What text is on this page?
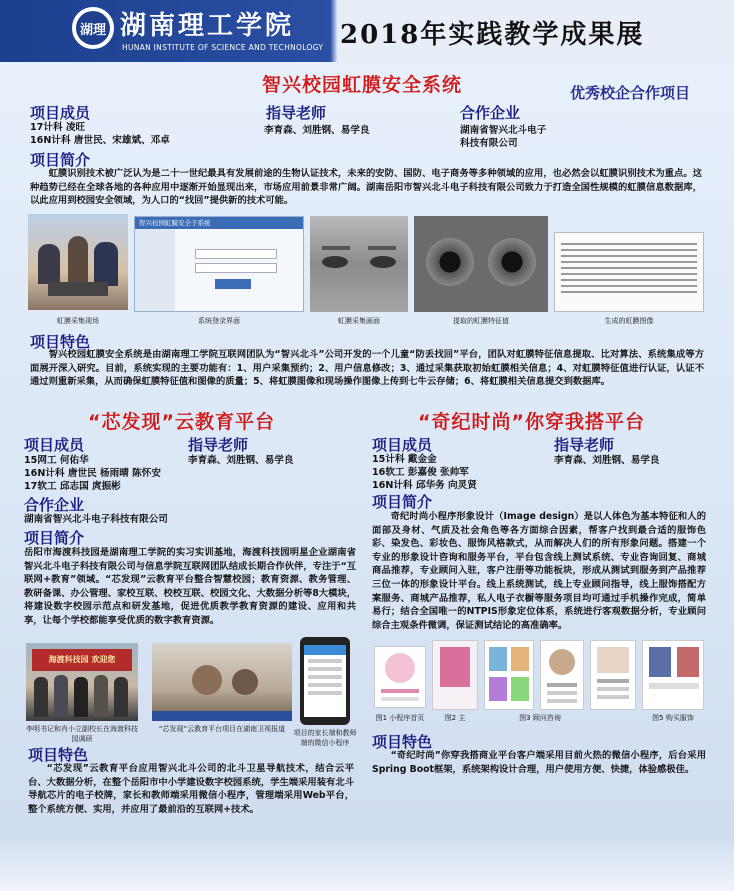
湖理 湖南理工学院
HUNAN INSTITUTE OF SCIENCE AND TECHNOLOGY 2018年实践教学成果展
智兴校园虹膜安全系统	优秀校企合作项目
项目成员
17计科 凌旺
16N计科 唐世民、宋雄斌、邓卓
指导老师
李育森、刘胜钢、易学良
合作企业
湖南省智兴北斗电子
科技有限公司
项目简介
虹膜识别技术被广泛认为是二十一世纪最具有发展前途的生物认证技术，未来的安防、国防、电子商务等多种领域的应用，也必然会以虹膜识别技术为重点。这种趋势已经在全球各地的各种应用中逐渐开始显现出来，市场应用前景非常广阔。湖南岳阳市智兴北斗电子科技有限公司致力于打造全国性规模的虹膜信息数据库，以此应用到校园安全领域，为人口的“找回”提供新的技术可能。
智兴校园虹膜安全子系统
虹膜采集现场	系统登录界面	虹膜采集画面	提取的虹膜特征值	生成的虹膜图像
项目特色
智兴校园虹膜安全系统是由湖南理工学院互联网团队为“智兴北斗”公司开发的一个儿童“防丢找回”平台，团队对虹膜特征信息提取、比对算法、系统集成等方面展开深入研究。目前，系统实现的主要功能有：1、用户采集预约；2、用户信息修改；3、通过采集获取初始虹膜相关信息；4、对虹膜特征值进行认证，认证不通过则重新采集，从而确保虹膜特征值和图像的质量；5、将虹膜图像和现场操作图像上传到七牛云存储；6、将虹膜相关信息提交到数据库。
“芯发现”云教育平台
项目成员
15网工 何佑华
16N计科 唐世民 杨雨晴 陈怀安
17软工 邱志国 庹振彬
指导老师
李育森、刘胜钢、易学良
合作企业
湖南省智兴北斗电子科技有限公司
项目简介
岳阳市海渡科技园是湖南理工学院的实习实训基地，海渡科技园明星企业湖南省智兴北斗电子科技有限公司与信息学院互联网团队结成长期合作伙伴，专注于“互联网+教育”领域。“芯发现”云教育平台整合智慧校园；教育资源、教务管理、教研备课、办公管理、家校互联、校校互联、校园文化、大数据分析等8大模块，将建设数字校园示范点和研发基地，促进优质教学教育资源的建设、应用和共享，让每个学校都能享受优质的数字教育资源。
海渡科技园 欢迎您
李明书记和肖小立副校长在海渡科技园调研
“芯发现”云教育平台项目在湖南卫视报道	项目的家长端和教师端的微信小程序
项目特色
“芯发现”云教育平台应用智兴北斗公司的北斗卫星导航技术，结合云平台、大数据分析，在整个岳阳市中小学建设数字校园系统，学生端采用装有北斗导航芯片的电子校牌，家长和教师端采用微信小程序，管理端采用Web平台，整个系统方便、实用，并应用了最前沿的互联网+技术。
“奇纪时尚”你穿我搭平台
项目成员
15计科 戴金金
16软工 彭嘉俊 张帅军
16N计科 邱华务 向灵贤
指导老师
李育森、刘胜钢、易学良
项目简介
奇纪时尚小程序形象设计（Image design）是以人体色为基本特征和人的面部及身材、气质及社会角色等各方面综合因素，帮客户找到最合适的服饰色彩、染发色、彩妆色、服饰风格款式，从而解决人们的所有形象问题。搭建一个专业的形象设计咨询和服务平台，平台包含线上测试系统、专业咨询回复、商城商品推荐，专业顾问入驻，客户注册等功能板块，形成从测试到服务到产品推荐三位一体的形象设计平台。线上系统测试，线上专业顾问指导，线上服饰搭配方案服务、商城产品推荐，私人电子衣橱等服务项目均可通过手机操作完成，简单易行；结合全国唯一的NTPIS形象定位体系，系统进行客观数据分析，专业顾问综合主观条件微调，保证测试结论的高准确率。
图1 小程序首页	图2 主	图3 顾问咨询	图5 购买服饰
项目特色
“奇纪时尚”你穿我搭商业平台客户端采用目前火热的微信小程序，后台采用Spring Boot框架，系统架构设计合理，用户使用方便、快捷，体验感极佳。
